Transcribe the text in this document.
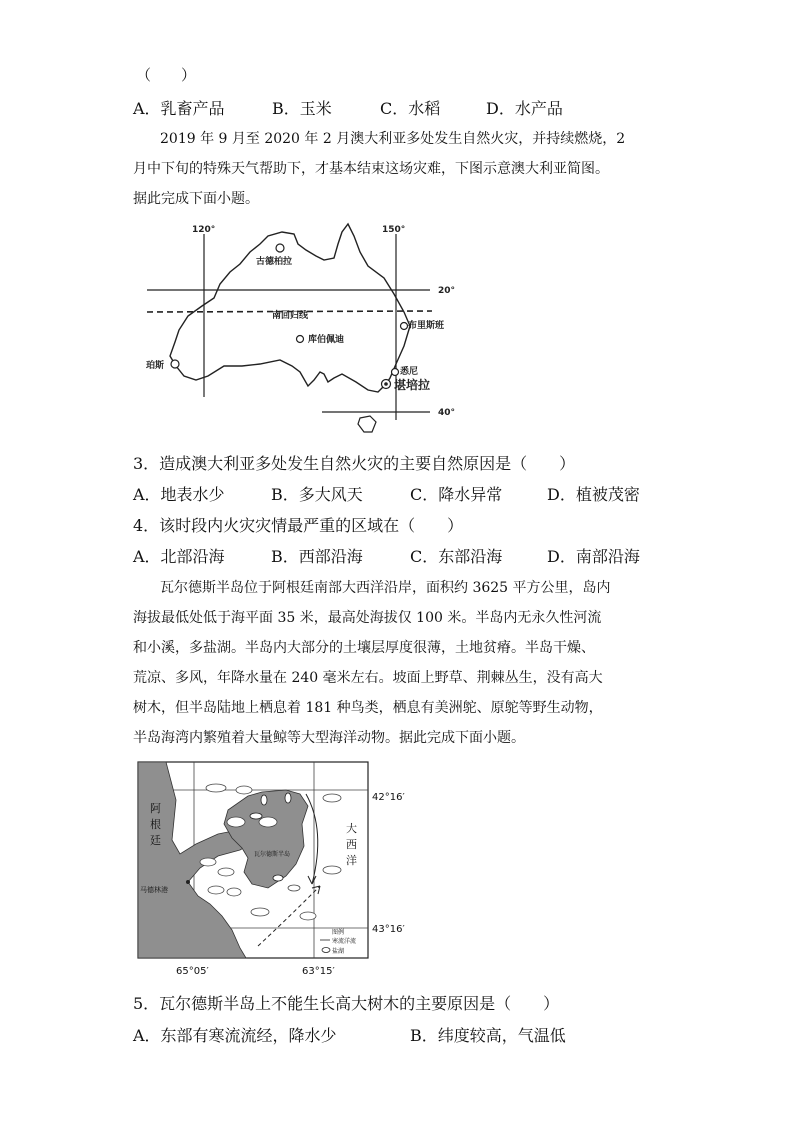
（　　）
A．乳畜产品	B．玉米	C．水稻	D．水产品
2019 年 9 月至 2020 年 2 月澳大利亚多处发生自然火灾，并持续燃烧，2
月中下旬的特殊天气帮助下，才基本结束这场灾难，下图示意澳大利亚简图。
据此完成下面小题。
120°	150°
20°
40°
南回归线
古德柏拉
库伯佩迪
布里斯班
珀斯
悉尼
堪培拉
3．造成澳大利亚多处发生自然火灾的主要自然原因是（　　）
A．地表水少	B．多大风天	C．降水异常	D．植被茂密
4．该时段内火灾灾情最严重的区域在（　　）
A．北部沿海	B．西部沿海	C．东部沿海	D．南部沿海
瓦尔德斯半岛位于阿根廷南部大西洋沿岸，面积约 3625 平方公里，岛内
海拔最低处低于海平面 35 米，最高处海拔仅 100 米。半岛内无永久性河流
和小溪，多盐湖。半岛内大部分的土壤层厚度很薄，土地贫瘠。半岛干燥、
荒凉、多风，年降水量在 240 毫米左右。坡面上野草、荆棘丛生，没有高大
树木，但半岛陆地上栖息着 181 种鸟类，栖息有美洲鸵、原鸵等野生动物，
半岛海湾内繁殖着大量鲸等大型海洋动物。据此完成下面小题。
阿
根
廷
大
西
洋
瓦尔德斯半岛
马德林港
42°16′
43°16′
65°05′	63°15′
图例
寒流洋流
盐湖
5．瓦尔德斯半岛上不能生长高大树木的主要原因是（　　）
A．东部有寒流流经，降水少	B．纬度较高，气温低
